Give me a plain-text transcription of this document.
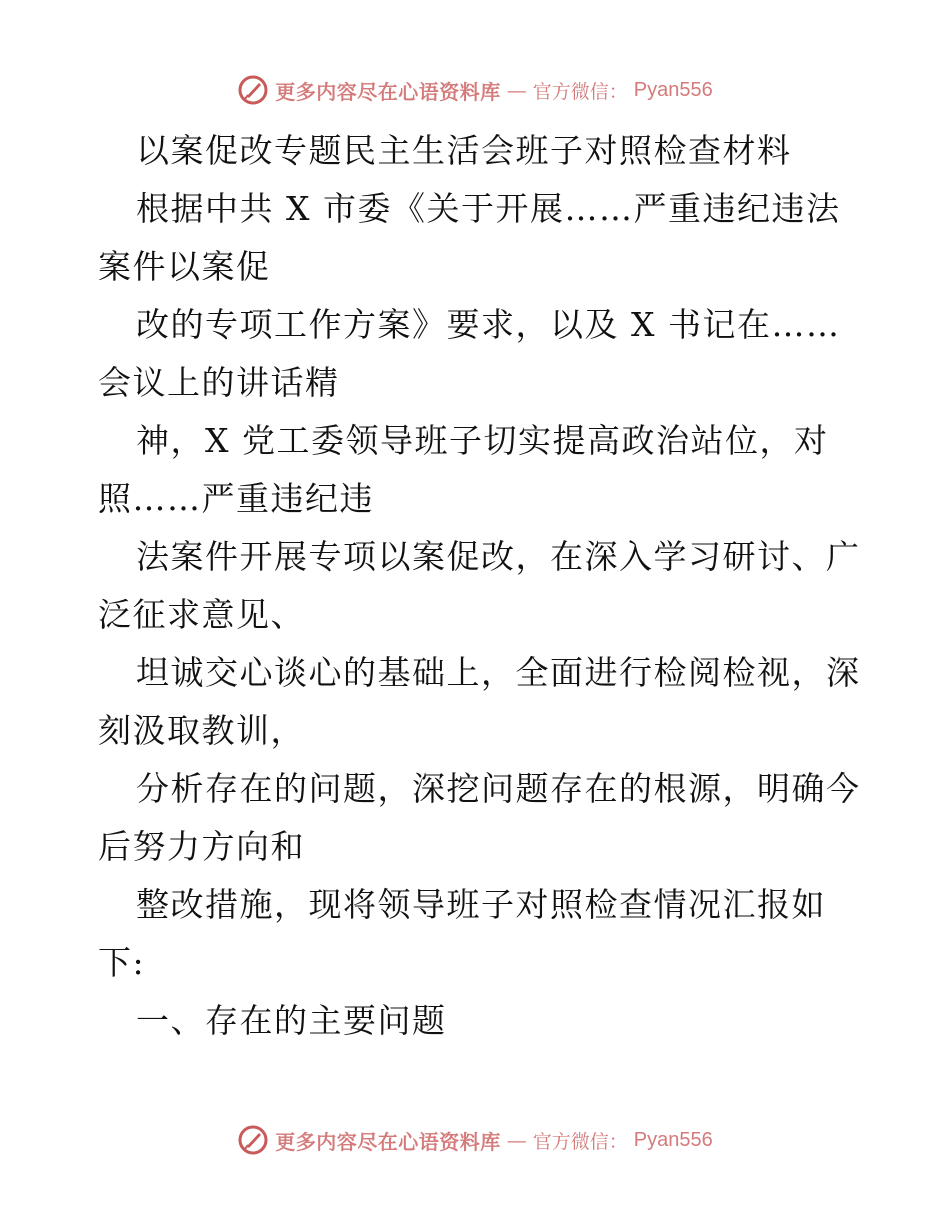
更多内容尽在心语资料库 — 官方微信： Pyan556
以案促改专题民主生活会班子对照检查材料
根据中共 X 市委《关于开展……严重违纪违法
案件以案促
改的专项工作方案》要求，以及 X 书记在……
会议上的讲话精
神，X 党工委领导班子切实提高政治站位，对
照……严重违纪违
法案件开展专项以案促改，在深入学习研讨、广
泛征求意见、
坦诚交心谈心的基础上，全面进行检阅检视，深
刻汲取教训，
分析存在的问题，深挖问题存在的根源，明确今
后努力方向和
整改措施，现将领导班子对照检查情况汇报如
下:
一、存在的主要问题
更多内容尽在心语资料库 — 官方微信： Pyan556
